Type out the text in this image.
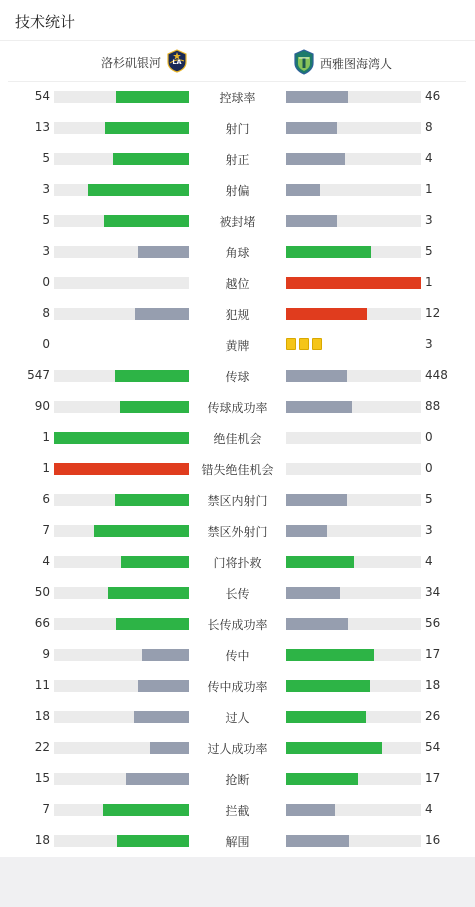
技术统计
洛杉矶银河 LA	西雅图海湾人
54	控球率	46
13	射门	8
5	射正	4
3	射偏	1
5	被封堵	3
3	角球	5
0	越位	1
8	犯规	12
0	黄牌	3
547	传球	448
90	传球成功率	88
1	绝佳机会	0
1	错失绝佳机会	0
6	禁区内射门	5
7	禁区外射门	3
4	门将扑救	4
50	长传	34
66	长传成功率	56
9	传中	17
11	传中成功率	18
18	过人	26
22	过人成功率	54
15	抢断	17
7	拦截	4
18	解围	16
